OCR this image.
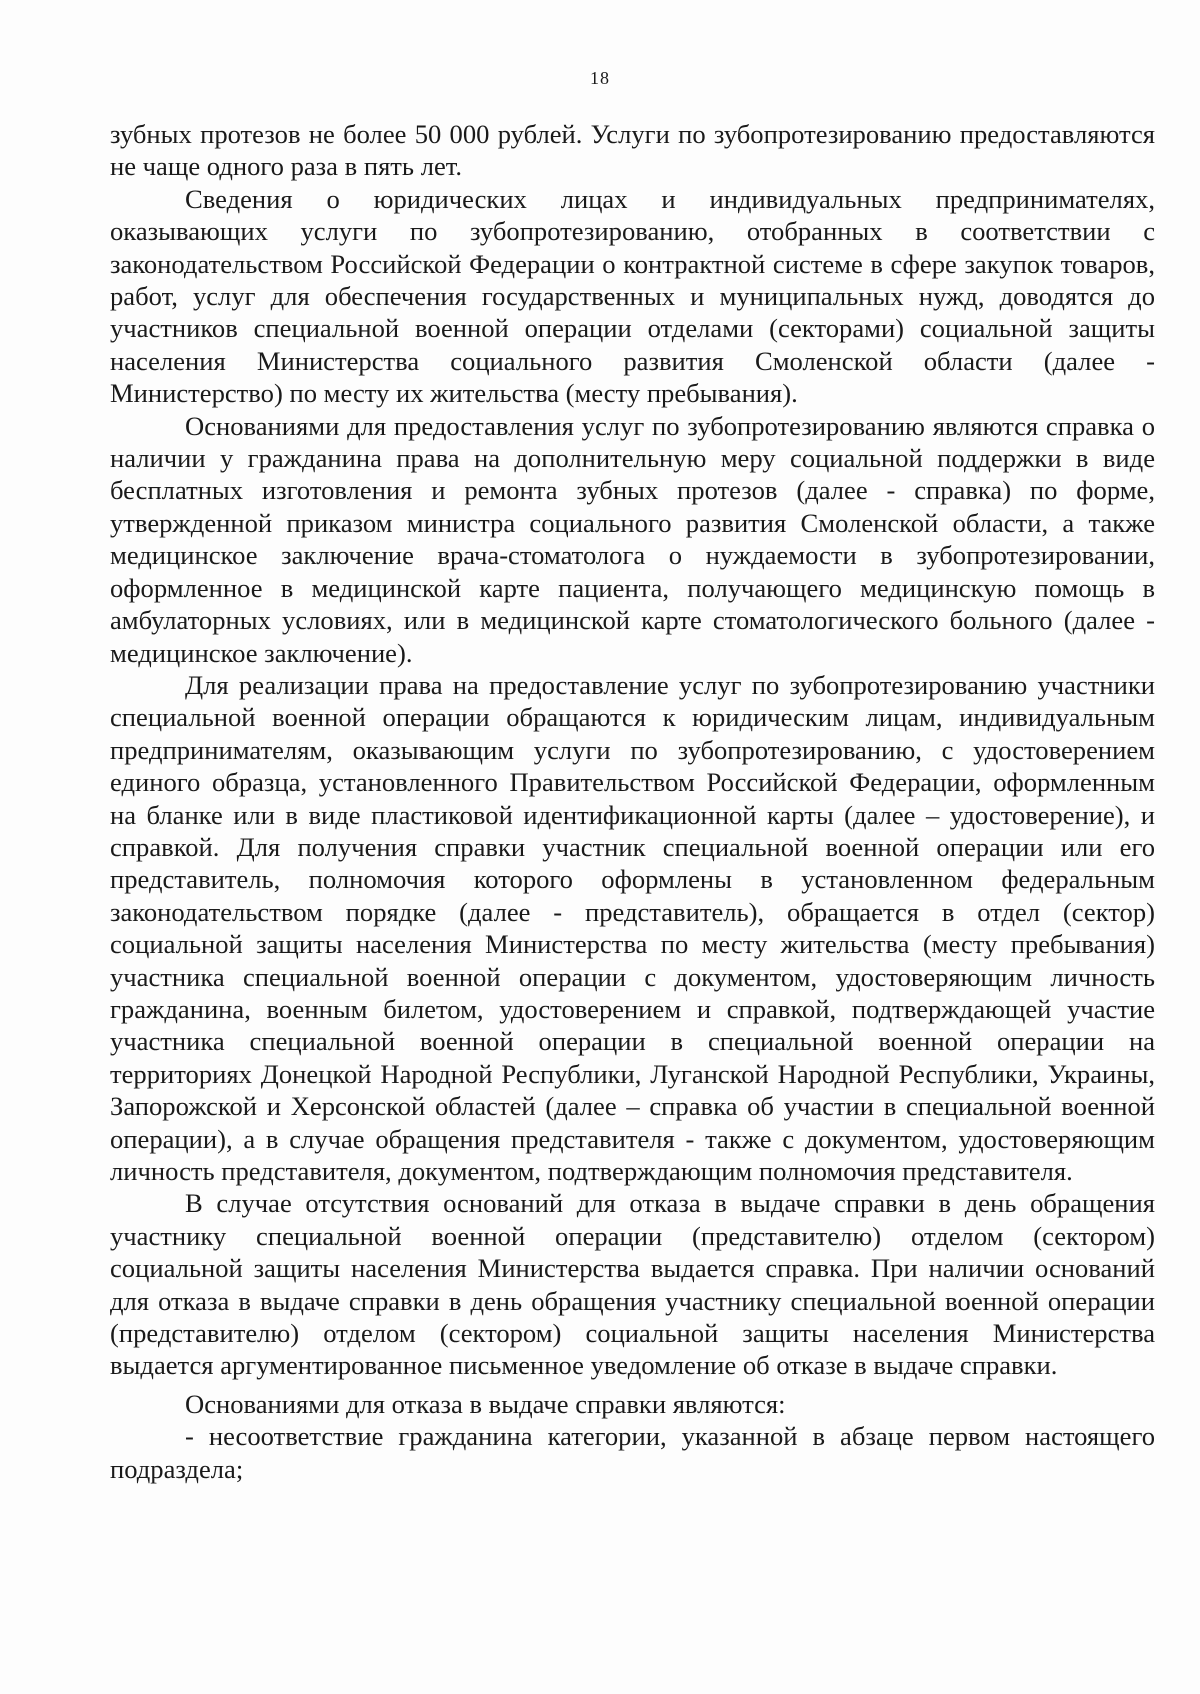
18

зубных протезов не более 50 000 рублей. Услуги по зубопротезированию предоставляются не чаще одного раза в пять лет.

Сведения о юридических лицах и индивидуальных предпринимателях, оказывающих услуги по зубопротезированию, отобранных в соответствии с законодательством Российской Федерации о контрактной системе в сфере закупок товаров, работ, услуг для обеспечения государственных и муниципальных нужд, доводятся до участников специальной военной операции отделами (секторами) социальной защиты населения Министерства социального развития Смоленской области (далее - Министерство) по месту их жительства (месту пребывания).

Основаниями для предоставления услуг по зубопротезированию являются справка о наличии у гражданина права на дополнительную меру социальной поддержки в виде бесплатных изготовления и ремонта зубных протезов (далее - справка) по форме, утвержденной приказом министра социального развития Смоленской области, а также медицинское заключение врача-стоматолога о нуждаемости в зубопротезировании, оформленное в медицинской карте пациента, получающего медицинскую помощь в амбулаторных условиях, или в медицинской карте стоматологического больного (далее - медицинское заключение).

Для реализации права на предоставление услуг по зубопротезированию участники специальной военной операции обращаются к юридическим лицам, индивидуальным предпринимателям, оказывающим услуги по зубопротезированию, с удостоверением единого образца, установленного Правительством Российской Федерации, оформленным на бланке или в виде пластиковой идентификационной карты (далее – удостоверение), и справкой. Для получения справки участник специальной военной операции или его представитель, полномочия которого оформлены в установленном федеральным законодательством порядке (далее - представитель), обращается в отдел (сектор) социальной защиты населения Министерства по месту жительства (месту пребывания) участника специальной военной операции с документом, удостоверяющим личность гражданина, военным билетом, удостоверением и справкой, подтверждающей участие участника специальной военной операции в специальной военной операции на территориях Донецкой Народной Республики, Луганской Народной Республики, Украины, Запорожской и Херсонской областей (далее – справка об участии в специальной военной операции), а в случае обращения представителя - также с документом, удостоверяющим личность представителя, документом, подтверждающим полномочия представителя.

В случае отсутствия оснований для отказа в выдаче справки в день обращения участнику специальной военной операции (представителю) отделом (сектором) социальной защиты населения Министерства выдается справка. При наличии оснований для отказа в выдаче справки в день обращения участнику специальной военной операции (представителю) отделом (сектором) социальной защиты населения Министерства выдается аргументированное письменное уведомление об отказе в выдаче справки.

Основаниями для отказа в выдаче справки являются:

- несоответствие гражданина категории, указанной в абзаце первом настоящего подраздела;
